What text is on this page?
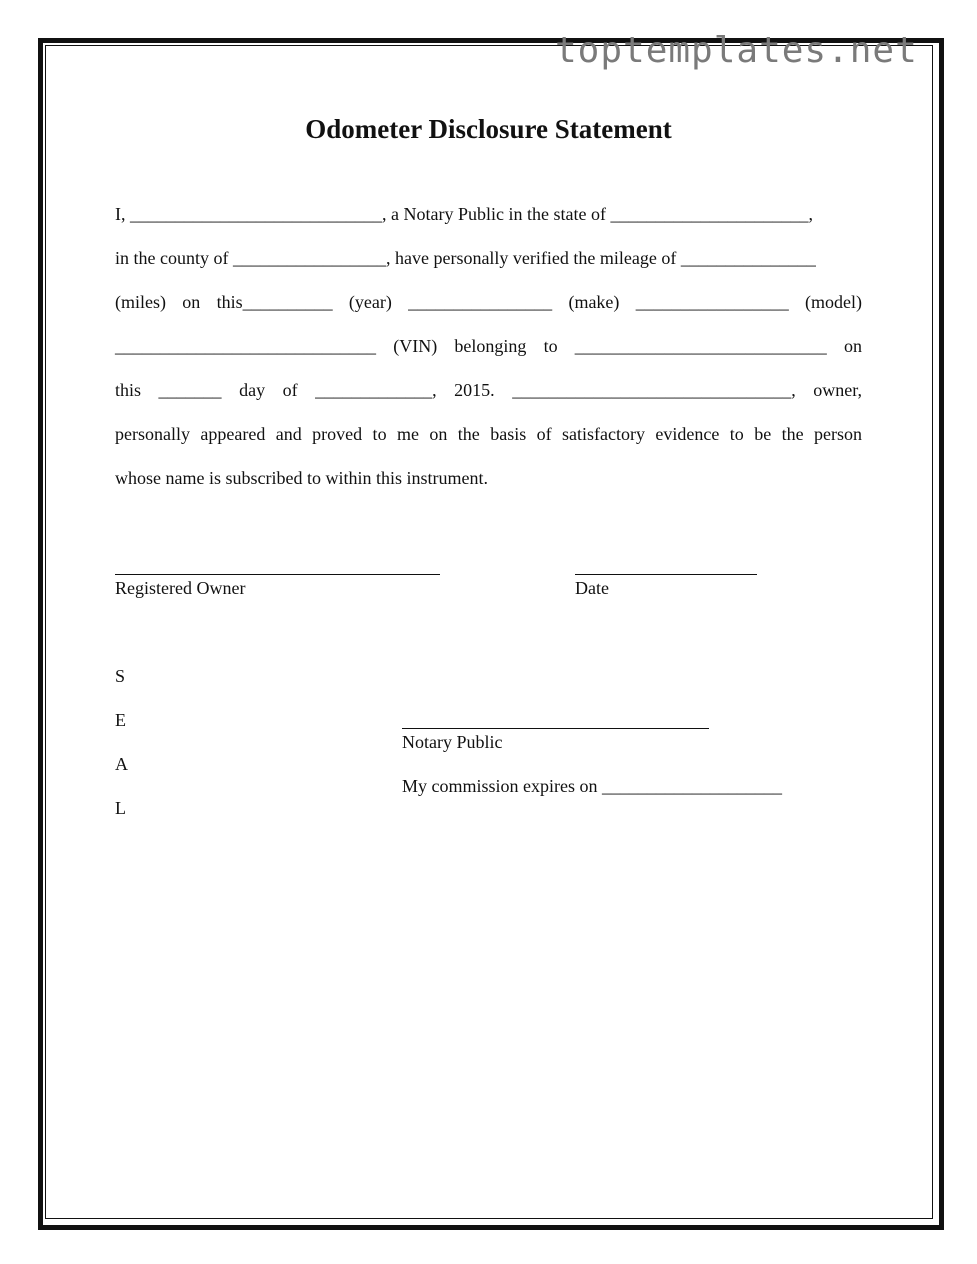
toptemplates.net
Odometer Disclosure Statement
I, ____________________________, a Notary Public in the state of ______________________,
in the county of _________________, have personally verified the mileage of _______________
(miles) on this__________ (year) ________________ (make) _________________ (model)
_____________________________ (VIN) belonging to ____________________________ on
this _______ day of _____________, 2015. _______________________________, owner,
personally appeared and proved to me on the basis of satisfactory evidence to be the person
whose name is subscribed to within this instrument.
Registered Owner	Date
S
E
A
L
Notary Public
My commission expires on ____________________
